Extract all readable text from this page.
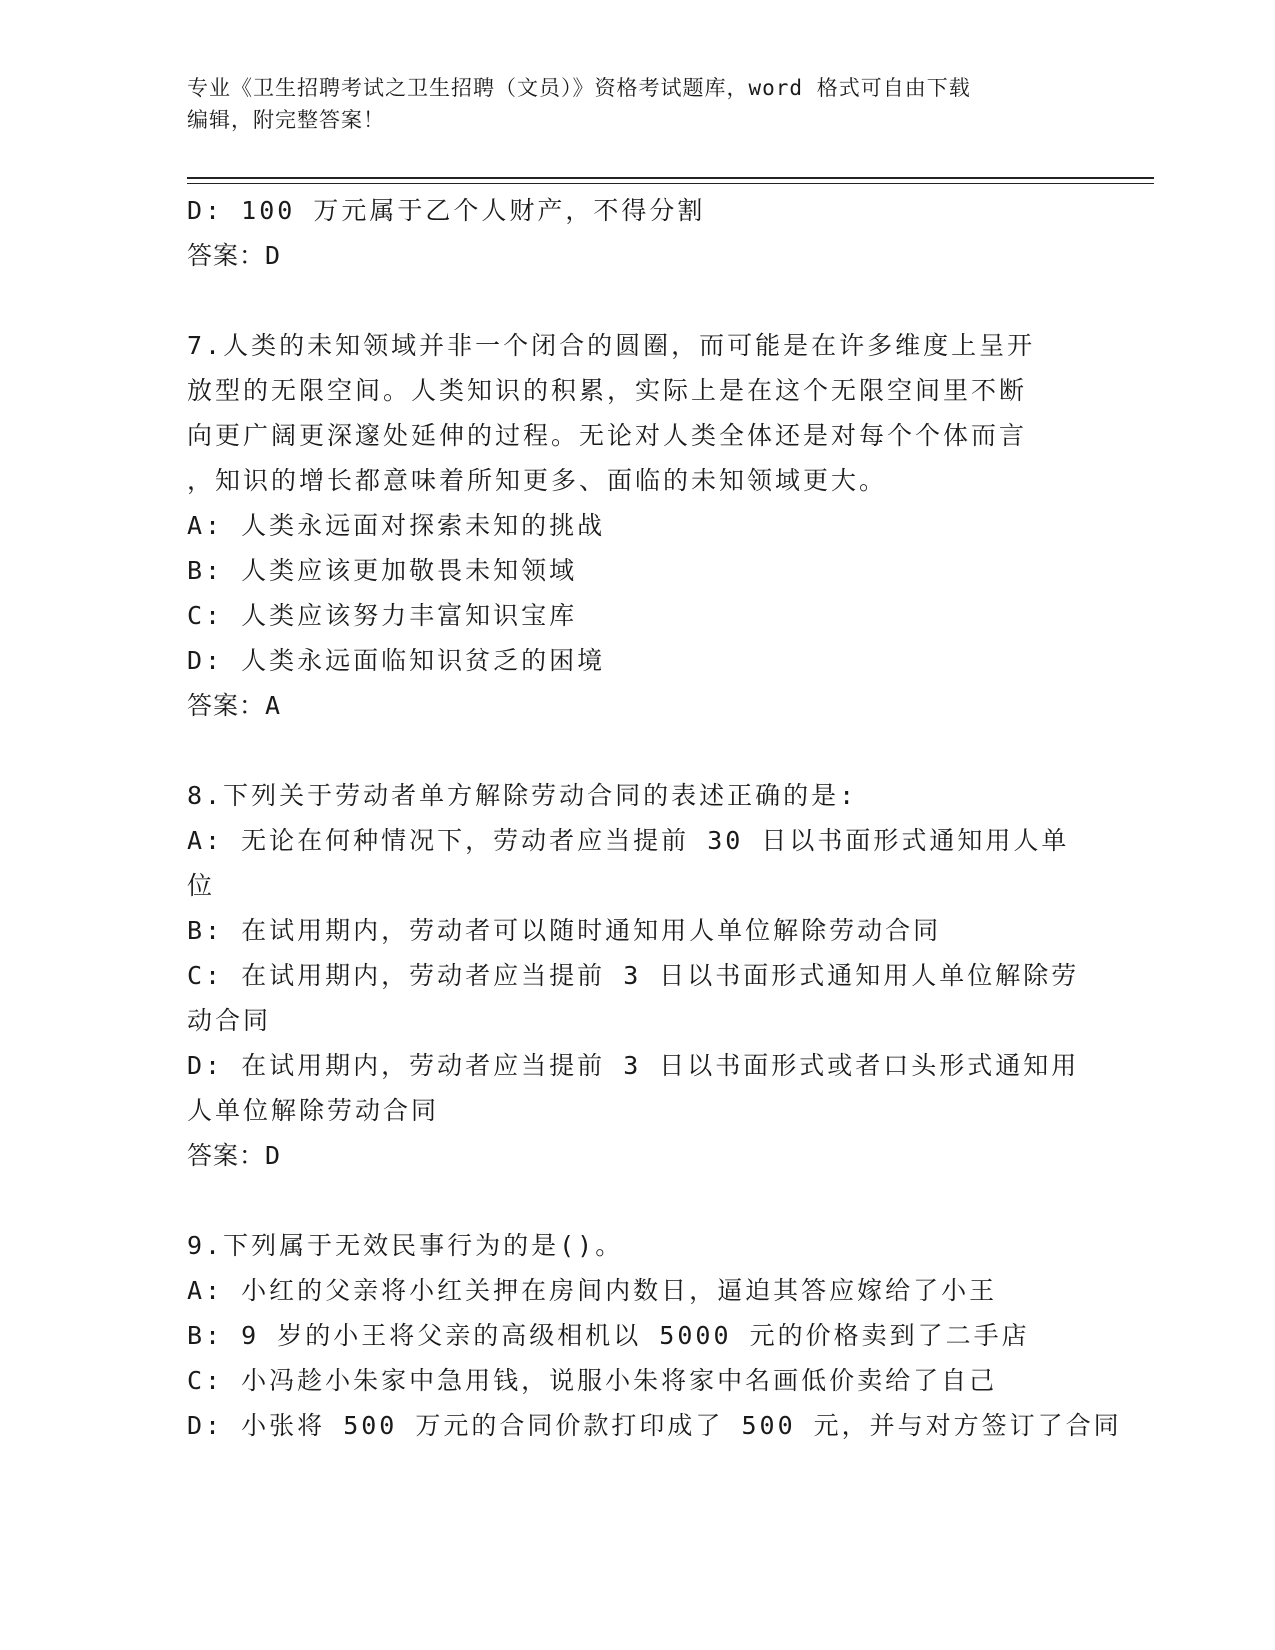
专业《卫生招聘考试之卫生招聘（文员）》资格考试题库，word 格式可自由下载
编辑，附完整答案！
D: 100 万元属于乙个人财产，不得分割
答案：D
7.人类的未知领域并非一个闭合的圆圈，而可能是在许多维度上呈开
放型的无限空间。人类知识的积累，实际上是在这个无限空间里不断
向更广阔更深邃处延伸的过程。无论对人类全体还是对每个个体而言
，知识的增长都意味着所知更多、面临的未知领域更大。
A: 人类永远面对探索未知的挑战
B: 人类应该更加敬畏未知领域
C: 人类应该努力丰富知识宝库
D: 人类永远面临知识贫乏的困境
答案：A
8.下列关于劳动者单方解除劳动合同的表述正确的是:
A: 无论在何种情况下，劳动者应当提前 30 日以书面形式通知用人单
位
B: 在试用期内，劳动者可以随时通知用人单位解除劳动合同
C: 在试用期内，劳动者应当提前 3 日以书面形式通知用人单位解除劳
动合同
D: 在试用期内，劳动者应当提前 3 日以书面形式或者口头形式通知用
人单位解除劳动合同
答案：D
9.下列属于无效民事行为的是()。
A: 小红的父亲将小红关押在房间内数日，逼迫其答应嫁给了小王
B: 9 岁的小王将父亲的高级相机以 5000 元的价格卖到了二手店
C: 小冯趁小朱家中急用钱，说服小朱将家中名画低价卖给了自己
D: 小张将 500 万元的合同价款打印成了 500 元，并与对方签订了合同
